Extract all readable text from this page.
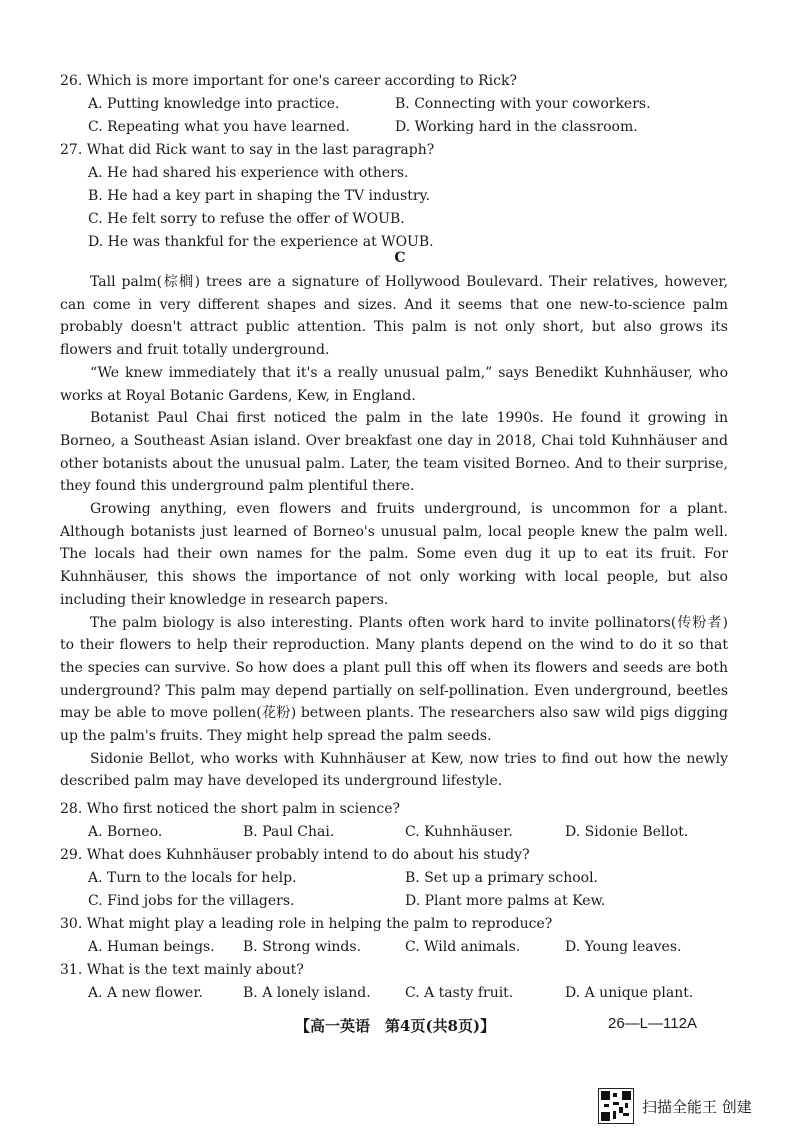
26. Which is more important for one's career according to Rick?
A. Putting knowledge into practice.	B. Connecting with your coworkers.
C. Repeating what you have learned.	D. Working hard in the classroom.
27. What did Rick want to say in the last paragraph?
A. He had shared his experience with others.
B. He had a key part in shaping the TV industry.
C. He felt sorry to refuse the offer of WOUB.
D. He was thankful for the experience at WOUB.
C

Tall palm(棕榈) trees are a signature of Hollywood Boulevard. Their relatives, however, can come in very different shapes and sizes. And it seems that one new-to-science palm probably doesn't attract public attention. This palm is not only short, but also grows its flowers and fruit totally underground.

“We knew immediately that it's a really unusual palm,” says Benedikt Kuhnhäuser, who works at Royal Botanic Gardens, Kew, in England.

Botanist Paul Chai first noticed the palm in the late 1990s. He found it growing in Borneo, a Southeast Asian island. Over breakfast one day in 2018, Chai told Kuhnhäuser and other botanists about the unusual palm. Later, the team visited Borneo. And to their surprise, they found this underground palm plentiful there.

Growing anything, even flowers and fruits underground, is uncommon for a plant. Although botanists just learned of Borneo's unusual palm, local people knew the palm well. The locals had their own names for the palm. Some even dug it up to eat its fruit. For Kuhnhäuser, this shows the importance of not only working with local people, but also including their knowledge in research papers.

The palm biology is also interesting. Plants often work hard to invite pollinators(传粉者) to their flowers to help their reproduction. Many plants depend on the wind to do it so that the species can survive. So how does a plant pull this off when its flowers and seeds are both underground? This palm may depend partially on self-pollination. Even underground, beetles may be able to move pollen(花粉) between plants. The researchers also saw wild pigs digging up the palm's fruits. They might help spread the palm seeds.

Sidonie Bellot, who works with Kuhnhäuser at Kew, now tries to find out how the newly described palm may have developed its underground lifestyle.

28. Who first noticed the short palm in science?
A. Borneo.	B. Paul Chai.	C. Kuhnhäuser.	D. Sidonie Bellot.
29. What does Kuhnhäuser probably intend to do about his study?
A. Turn to the locals for help.	B. Set up a primary school.
C. Find jobs for the villagers.	D. Plant more palms at Kew.
30. What might play a leading role in helping the palm to reproduce?
A. Human beings. B. Strong winds.	C. Wild animals.	D. Young leaves.
31. What is the text mainly about?
A. A new flower.	B. A lonely island. C. A tasty fruit.	D. A unique plant.
【高一英语　第4页(共8页)】	26—L—112A
扫描全能王 创建
